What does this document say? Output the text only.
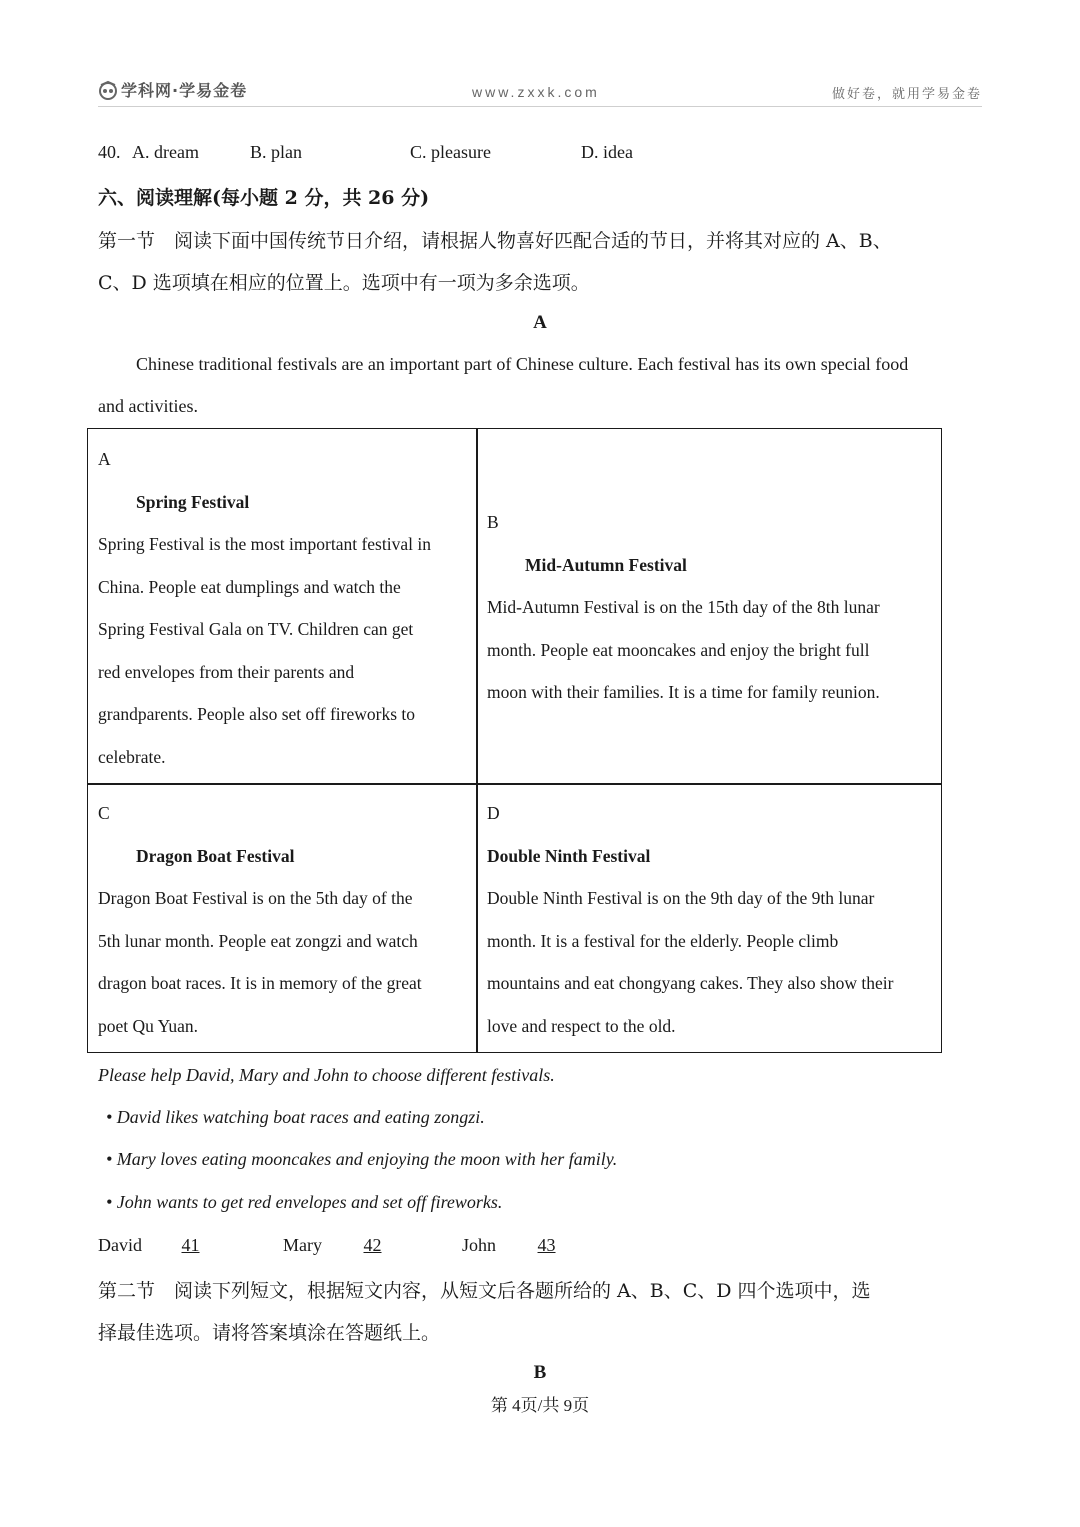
学科网·学易金卷	www.zxxk.com	做好卷，就用学易金卷
40. A. dream	B. plan	C. pleasure	D. idea
六、阅读理解(每小题 2 分，共 26 分)
第一节　阅读下面中国传统节日介绍，请根据人物喜好匹配合适的节日，并将其对应的 A、B、
C、D 选项填在相应的位置上。选项中有一项为多余选项。
A
Chinese traditional festivals are an important part of Chinese culture. Each festival has its own special food
and activities.
A
Spring Festival
Spring Festival is the most important festival in
China. People eat dumplings and watch the
Spring Festival Gala on TV. Children can get
red envelopes from their parents and
grandparents. People also set off fireworks to
celebrate.
B
Mid-Autumn Festival
Mid-Autumn Festival is on the 15th day of the 8th lunar
month. People eat mooncakes and enjoy the bright full
moon with their families. It is a time for family reunion.
C
Dragon Boat Festival
Dragon Boat Festival is on the 5th day of the
5th lunar month. People eat zongzi and watch
dragon boat races. It is in memory of the great
poet Qu Yuan.
D
Double Ninth Festival
Double Ninth Festival is on the 9th day of the 9th lunar
month. It is a festival for the elderly. People climb
mountains and eat chongyang cakes. They also show their
love and respect to the old.
Please help David, Mary and John to choose different festivals.
• David likes watching boat races and eating zongzi.
• Mary loves eating mooncakes and enjoying the moon with her family.
• John wants to get red envelopes and set off fireworks.
David 41	Mary 42	John 43
第二节　阅读下列短文，根据短文内容，从短文后各题所给的 A、B、C、D 四个选项中，选
择最佳选项。请将答案填涂在答题纸上。
B
第 4页/共 9页
